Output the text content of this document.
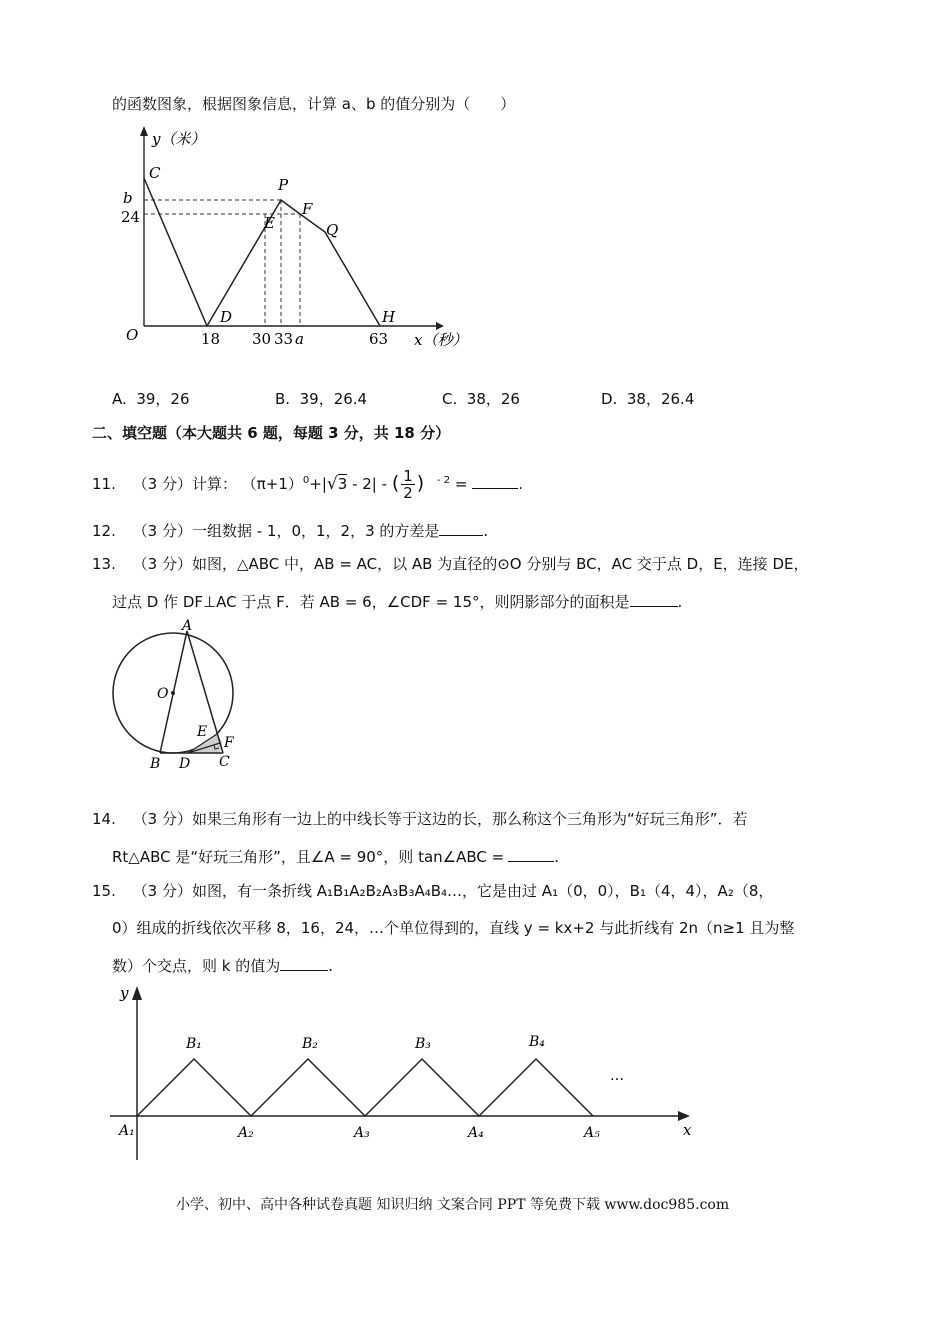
的函数图象，根据图象信息，计算 a、b 的值分别为（　　）
y（米）
x（秒）
O
b
24
18 30 33 a	63
C
D
P
E
F
Q
H
A. 39，26	B. 39，26.4	C. 38，26	D. 38，26.4
二、填空题（本大题共 6 题，每题 3 分，共 18 分）
11. （3 分）计算： $(\pi+1)^0+|√3 - 2|$ - ( $\frac{1}{2}$ ) $^{- 2}$ =	.
12. （3 分）一组数据 - 1，0，1，2，3 的方差是	.
13. （3 分）如图，△ABC 中，AB = AC，以 AB 为直径的⊙O 分别与 BC，AC 交于点 D，E，连接 DE，
过点 D 作 DF⊥AC 于点 F．若 AB = 6，∠CDF = 15°，则阴影部分的面积是	.
A
O
E
F
B D C
14. （3 分）如果三角形有一边上的中线长等于这边的长，那么称这个三角形为“好玩三角形”．若
Rt△ABC 是“好玩三角形”，且∠A = 90°，则 tan∠ABC =	.
15. （3 分）如图，有一条折线 A₁B₁A₂B₂A₃B₃A₄B₄…，它是由过 A₁（0，0），B₁（4，4），A₂（8，
0）组成的折线依次平移 8，16，24，…个单位得到的，直线 y = kx+2 与此折线有 2n（n≥1 且为整
数）个交点，则 k 的值为	.
y
x
A₁	A₂	A₃	A₄	A₅
B₁	B₂	B₃	B₄
…
小学、初中、高中各种试卷真题 知识归纳 文案合同 PPT 等免费下载 www.doc985.com
